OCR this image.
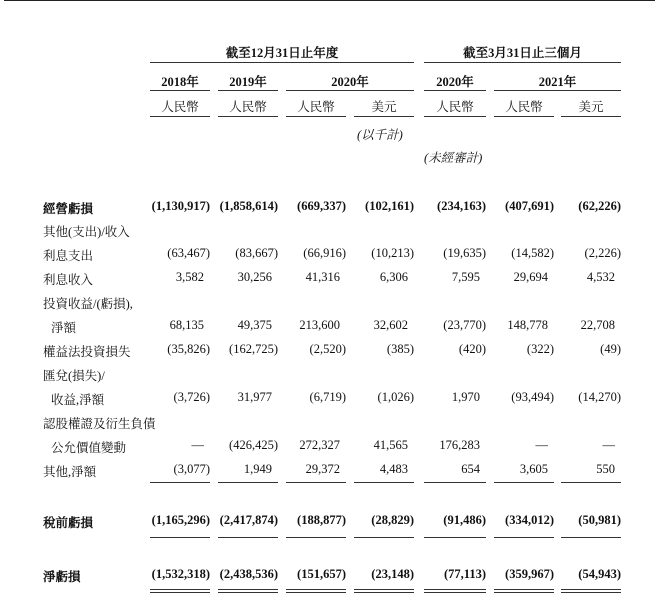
截至12月31日止年度	截至3月31日止三個月
2018年	2019年	2020年	2020年	2021年
人民幣	人民幣	人民幣	美元	人民幣	人民幣	美元
(以千計)
(未經審計)
經營虧損	(1,130,917) (1,858,614) (669,337) (102,161) (234,163) (407,691) (62,226)
其他(支出)/收入
利息支出	(63,467) (83,667) (66,916) (10,213) (19,635) (14,582) (2,226)
利息收入	3,582	30,256	41,316	6,306	7,595	29,694	4,532
投資收益/(虧損),
淨額	68,135	49,375 213,600	32,602	(23,770) 148,778	22,708
權益法投資損失	(35,826) (162,725)	(2,520)	(385)	(420)	(322)	(49)
匯兌(損失)/
收益,淨額	(3,726) 31,977	(6,719)	(1,026)	1,970	(93,494) (14,270)
認股權證及衍生負債
公允價值變動	— (426,425) 272,327	41,565	176,283	—	—
其他,淨額	(3,077)	1,949	29,372	4,483	654	3,605	550
稅前虧損	(1,165,296) (2,417,874) (188,877) (28,829) (91,486) (334,012) (50,981)
淨虧損	(1,532,318) (2,438,536) (151,657) (23,148) (77,113) (359,967) (54,943)
